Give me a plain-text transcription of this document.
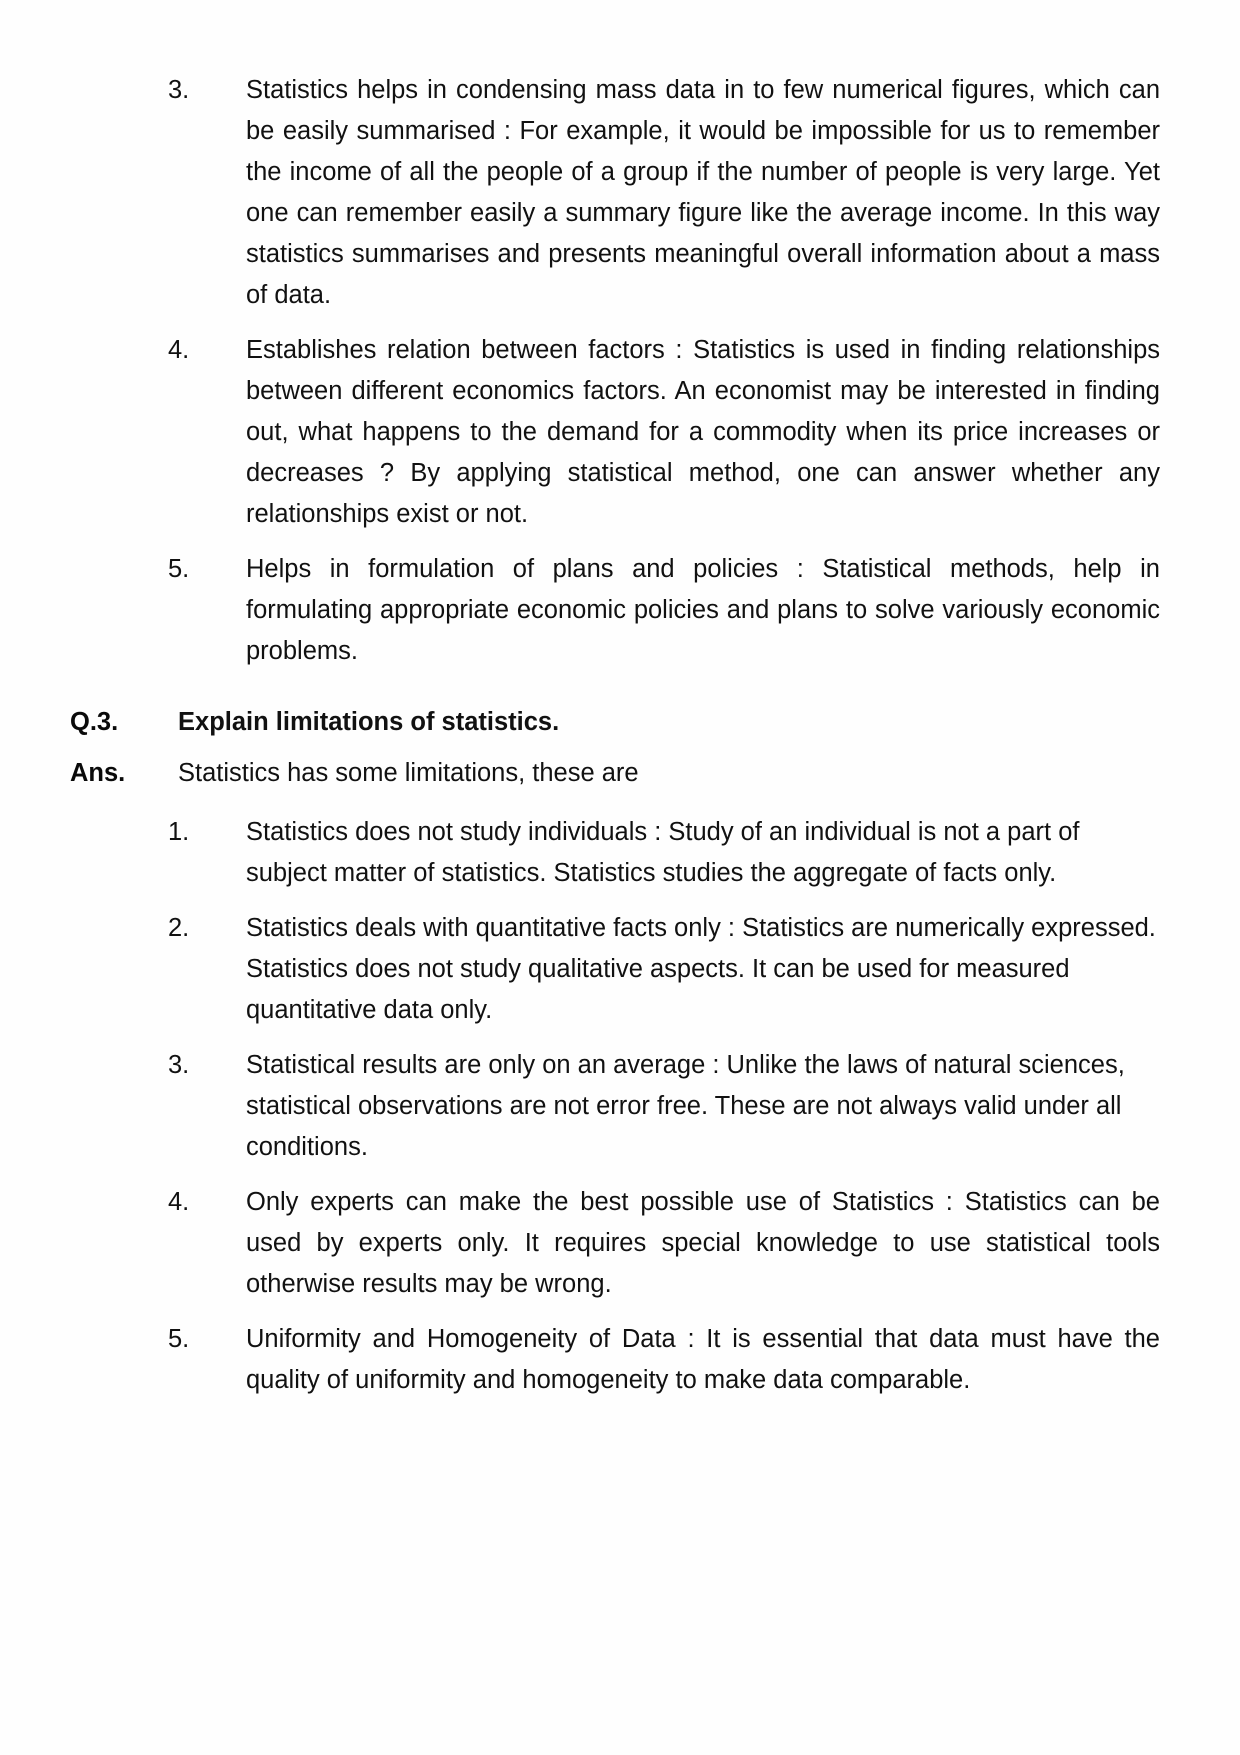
3.	Statistics helps in condensing mass data in to few numerical figures, which can be easily summarised : For example, it would be impossible for us to remember the income of all the people of a group if the number of people is very large. Yet one can remember easily a summary figure like the average income. In this way statistics summarises and presents meaningful overall information about a mass of data.
4.	Establishes relation between factors : Statistics is used in finding relationships between different economics factors. An economist may be interested in finding out, what happens to the demand for a commodity when its price increases or decreases ? By applying statistical method, one can answer whether any relationships exist or not.
5.	Helps in formulation of plans and policies : Statistical methods, help in formulating appropriate economic policies and plans to solve variously economic problems.
Q.3.	Explain limitations of statistics.
Ans.	Statistics has some limitations, these are
1.	Statistics does not study individuals : Study of an individual is not a part of subject matter of statistics. Statistics studies the aggregate of facts only.
2.	Statistics deals with quantitative facts only : Statistics are numerically expressed. Statistics does not study qualitative aspects. It can be used for measured quantitative data only.
3.	Statistical results are only on an average : Unlike the laws of natural sciences, statistical observations are not error free. These are not always valid under all conditions.
4.	Only experts can make the best possible use of Statistics : Statistics can be used by experts only. It requires special knowledge to use statistical tools otherwise results may be wrong.
5.	Uniformity and Homogeneity of Data : It is essential that data must have the quality of uniformity and homogeneity to make data comparable.
